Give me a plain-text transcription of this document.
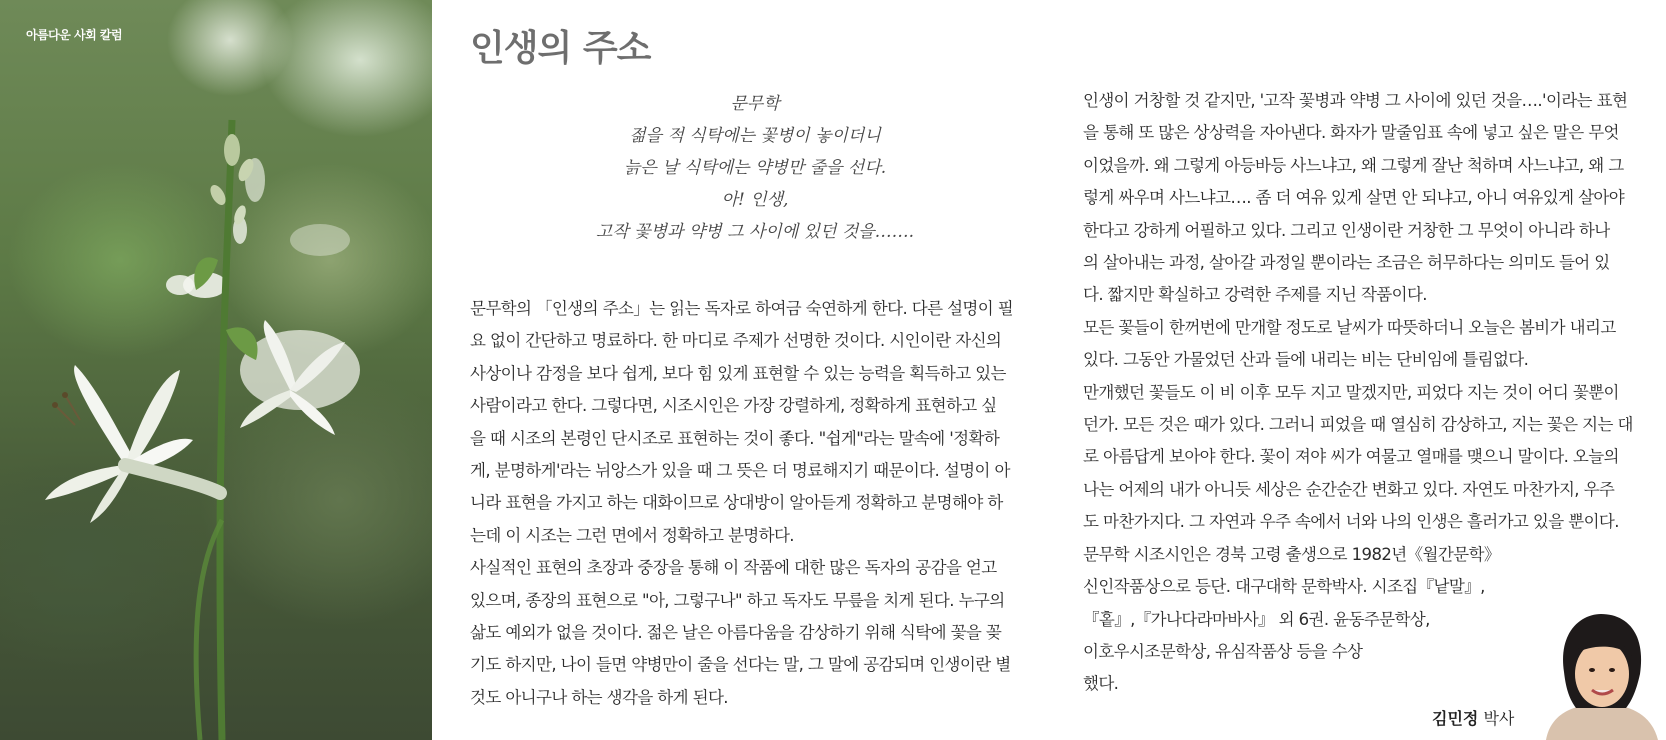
아름다운 사회 칼럼	인생의 주소
문무학
젊을 적 식탁에는 꽃병이 놓이더니
늙은 날 식탁에는 약병만 줄을 선다.
아! 인생,
고작 꽃병과 약병 그 사이에 있던 것을…….
문무학의 「인생의 주소」는 읽는 독자로 하여금 숙연하게 한다. 다른 설명이 필
요 없이 간단하고 명료하다. 한 마디로 주제가 선명한 것이다. 시인이란 자신의
사상이나 감정을 보다 쉽게, 보다 힘 있게 표현할 수 있는 능력을 획득하고 있는
사람이라고 한다. 그렇다면, 시조시인은 가장 강렬하게, 정확하게 표현하고 싶
을 때 시조의 본령인 단시조로 표현하는 것이 좋다. "쉽게"라는 말속에 '정확하
게, 분명하게'라는 뉘앙스가 있을 때 그 뜻은 더 명료해지기 때문이다. 설명이 아
니라 표현을 가지고 하는 대화이므로 상대방이 알아듣게 정확하고 분명해야 하
는데 이 시조는 그런 면에서 정확하고 분명하다.
사실적인 표현의 초장과 중장을 통해 이 작품에 대한 많은 독자의 공감을 얻고
있으며, 종장의 표현으로 "아, 그렇구나" 하고 독자도 무릎을 치게 된다. 누구의
삶도 예외가 없을 것이다. 젊은 날은 아름다움을 감상하기 위해 식탁에 꽃을 꽂
기도 하지만, 나이 들면 약병만이 줄을 선다는 말, 그 말에 공감되며 인생이란 별
것도 아니구나 하는 생각을 하게 된다.
인생이 거창할 것 같지만, '고작 꽃병과 약병 그 사이에 있던 것을….'이라는 표현
을 통해 또 많은 상상력을 자아낸다. 화자가 말줄임표 속에 넣고 싶은 말은 무엇
이었을까. 왜 그렇게 아등바등 사느냐고, 왜 그렇게 잘난 척하며 사느냐고, 왜 그
렇게 싸우며 사느냐고…. 좀 더 여유 있게 살면 안 되냐고, 아니 여유있게 살아야
한다고 강하게 어필하고 있다. 그리고 인생이란 거창한 그 무엇이 아니라 하나
의 살아내는 과정, 살아갈 과정일 뿐이라는 조금은 허무하다는 의미도 들어 있
다. 짧지만 확실하고 강력한 주제를 지닌 작품이다.
모든 꽃들이 한꺼번에 만개할 정도로 날씨가 따뜻하더니 오늘은 봄비가 내리고
있다. 그동안 가물었던 산과 들에 내리는 비는 단비임에 틀림없다.
만개했던 꽃들도 이 비 이후 모두 지고 말겠지만, 피었다 지는 것이 어디 꽃뿐이
던가. 모든 것은 때가 있다. 그러니 피었을 때 열심히 감상하고, 지는 꽃은 지는 대
로 아름답게 보아야 한다. 꽃이 져야 씨가 여물고 열매를 맺으니 말이다. 오늘의
나는 어제의 내가 아니듯 세상은 순간순간 변화고 있다. 자연도 마찬가지, 우주
도 마찬가지다. 그 자연과 우주 속에서 너와 나의 인생은 흘러가고 있을 뿐이다.
문무학 시조시인은 경북 고령 출생으로 1982년《월간문학》
신인작품상으로 등단. 대구대학 문학박사. 시조집『낱말』,
『홑』,『가나다라마바사』 외 6권. 윤동주문학상,
이호우시조문학상, 유심작품상 등을 수상
했다.
김민정 박사
